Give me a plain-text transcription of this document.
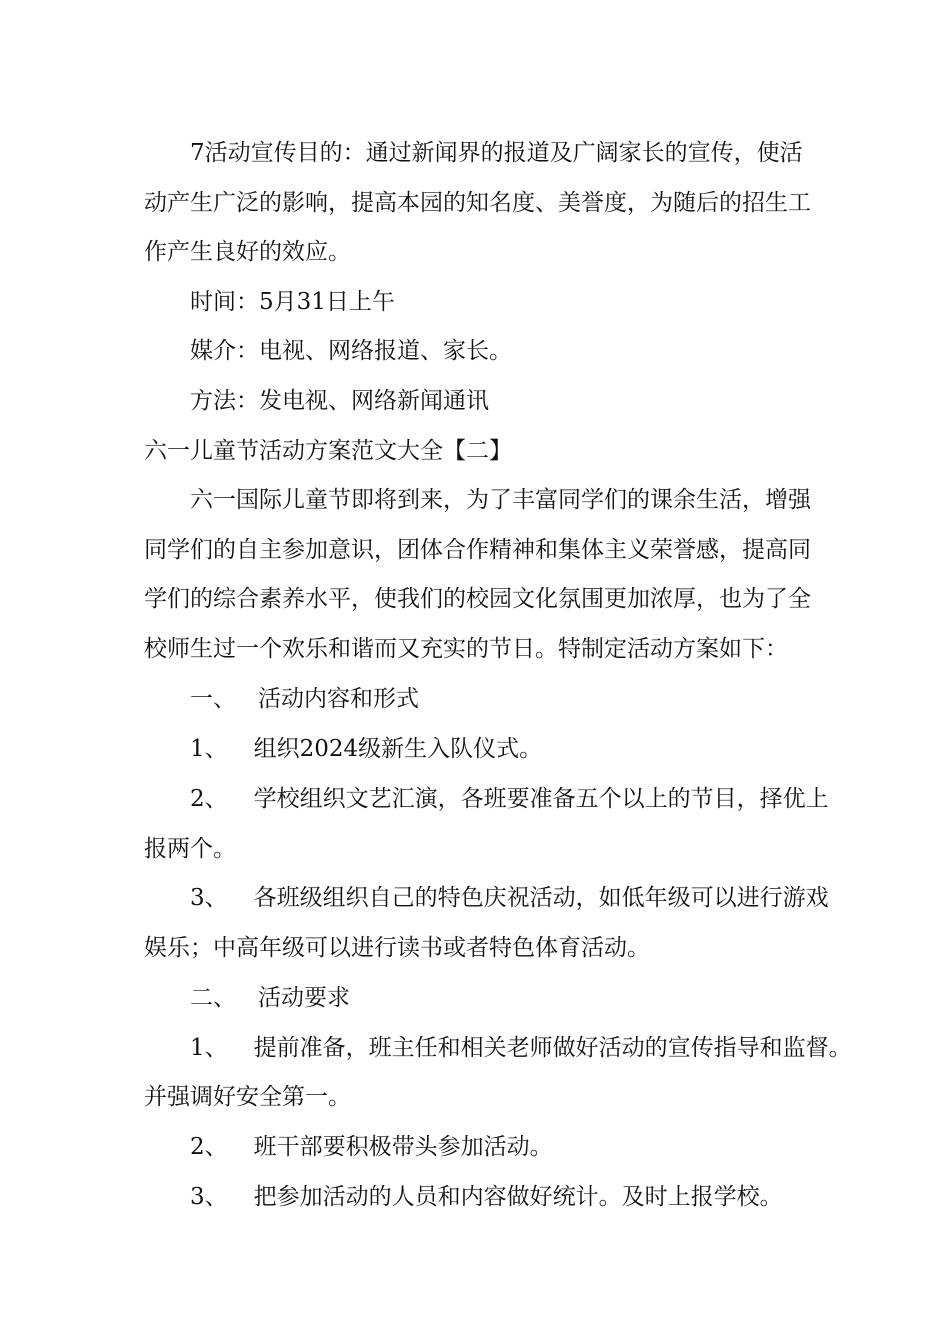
7活动宣传目的：通过新闻界的报道及广阔家长的宣传，使活
动产生广泛的影响，提高本园的知名度、美誉度，为随后的招生工
作产生良好的效应。
时间：5月31日上午
媒介：电视、网络报道、家长。
方法：发电视、网络新闻通讯
六一儿童节活动方案范文大全【二】
六一国际儿童节即将到来，为了丰富同学们的课余生活，增强
同学们的自主参加意识，团体合作精神和集体主义荣誉感，提高同
学们的综合素养水平，使我们的校园文化氛围更加浓厚，也为了全
校师生过一个欢乐和谐而又充实的节日。特制定活动方案如下：
一、 活动内容和形式
1、 组织2024级新生入队仪式。
2、 学校组织文艺汇演，各班要准备五个以上的节目，择优上
报两个。
3、 各班级组织自己的特色庆祝活动，如低年级可以进行游戏
娱乐；中高年级可以进行读书或者特色体育活动。
二、 活动要求
1、 提前准备，班主任和相关老师做好活动的宣传指导和监督。
并强调好安全第一。
2、 班干部要积极带头参加活动。
3、 把参加活动的人员和内容做好统计。及时上报学校。
